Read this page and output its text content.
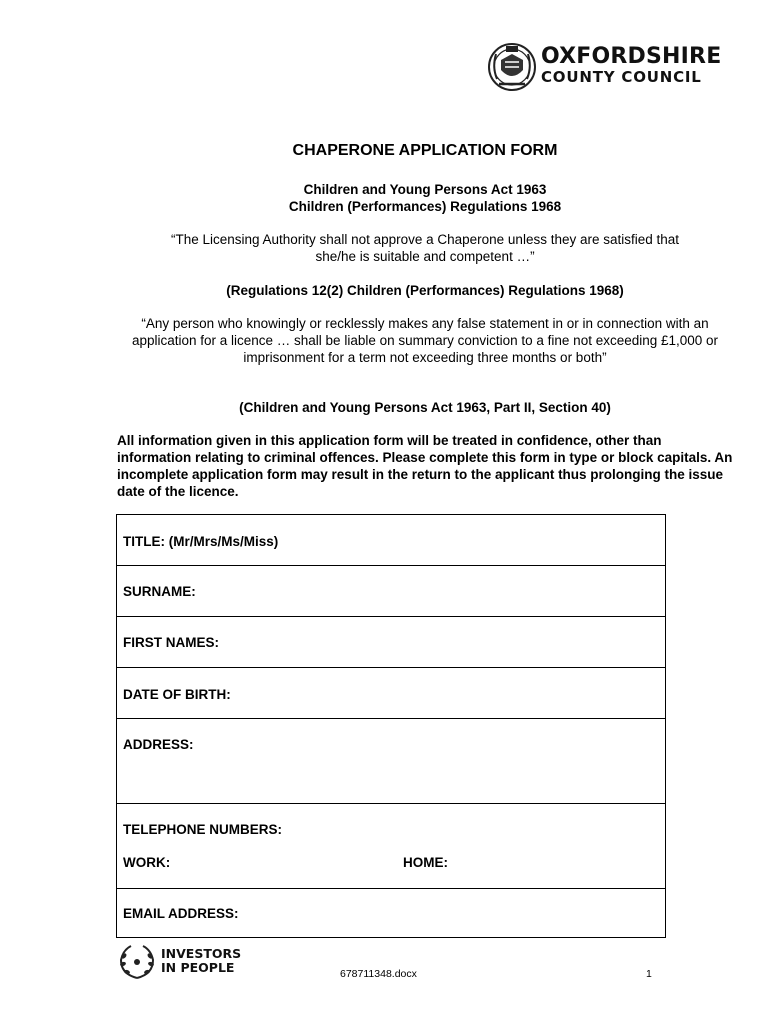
OXFORDSHIRE
COUNTY COUNCIL
CHAPERONE APPLICATION FORM
Children and Young Persons Act 1963
Children (Performances) Regulations 1968
“The Licensing Authority shall not approve a Chaperone unless they are satisfied that she/he is suitable and competent …”
(Regulations 12(2) Children (Performances) Regulations 1968)
“Any person who knowingly or recklessly makes any false statement in or in connection with an application for a licence … shall be liable on summary conviction to a fine not exceeding £1,000 or imprisonment for a term not exceeding three months or both”
(Children and Young Persons Act 1963, Part II, Section 40)
All information given in this application form will be treated in confidence, other than information relating to criminal offences. Please complete this form in type or block capitals. An incomplete application form may result in the return to the applicant thus prolonging the issue date of the licence.
TITLE: (Mr/Mrs/Ms/Miss)
SURNAME:
FIRST NAMES:
DATE OF BIRTH:
ADDRESS:
TELEPHONE NUMBERS:
WORK:	HOME:
EMAIL ADDRESS:
INVESTORS
IN PEOPLE	678711348.docx	1
